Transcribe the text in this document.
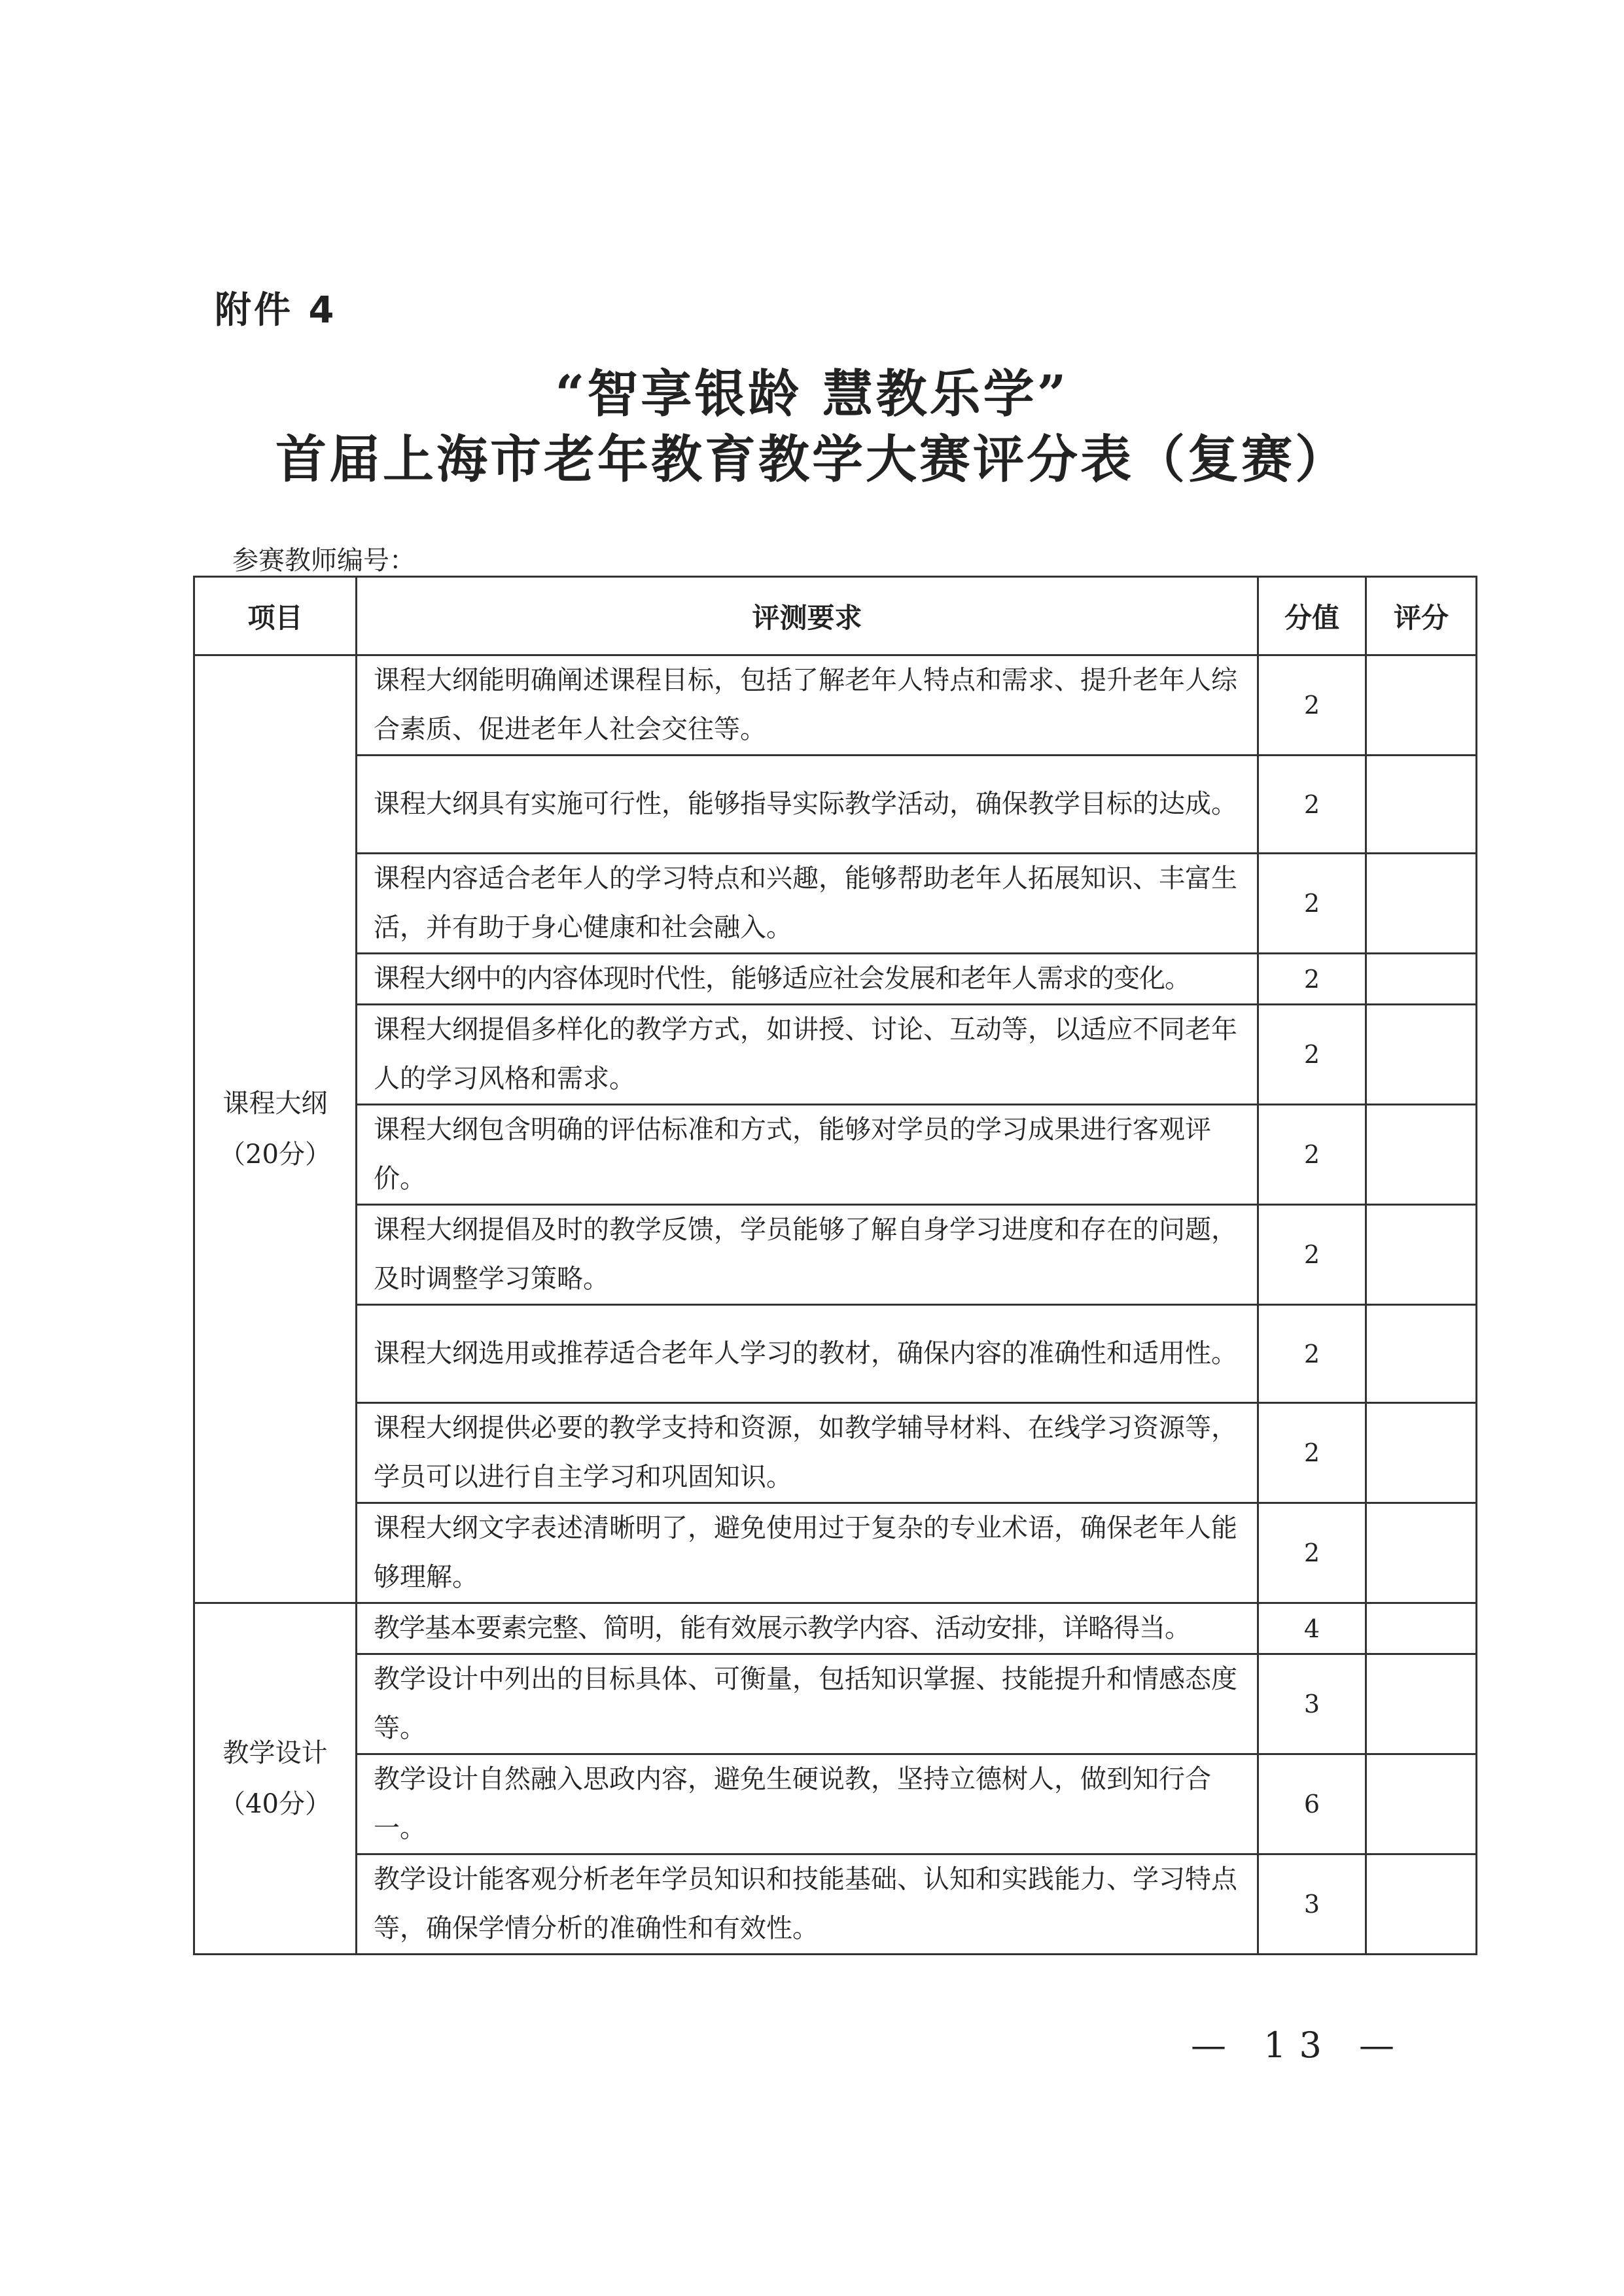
附件 4
“智享银龄 慧教乐学”
首届上海市老年教育教学大赛评分表（复赛）
参赛教师编号：
项目	评测要求	分值	评分

课程大纲
（20分）	课程大纲能明确阐述课程目标，包括了解老年人特点和需求、提升老年人综合素质、促进老年人社会交往等。	2	
	课程大纲具有实施可行性，能够指导实际教学活动，确保教学目标的达成。	2	
	课程内容适合老年人的学习特点和兴趣，能够帮助老年人拓展知识、丰富生活，并有助于身心健康和社会融入。	2	
	课程大纲中的内容体现时代性，能够适应社会发展和老年人需求的变化。	2	
	课程大纲提倡多样化的教学方式，如讲授、讨论、互动等，以适应不同老年人的学习风格和需求。	2	
	课程大纲包含明确的评估标准和方式，能够对学员的学习成果进行客观评价。	2	
	课程大纲提倡及时的教学反馈，学员能够了解自身学习进度和存在的问题，及时调整学习策略。	2	
	课程大纲选用或推荐适合老年人学习的教材，确保内容的准确性和适用性。	2	
	课程大纲提供必要的教学支持和资源，如教学辅导材料、在线学习资源等，学员可以进行自主学习和巩固知识。	2	
	课程大纲文字表述清晰明了，避免使用过于复杂的专业术语，确保老年人能够理解。	2	

教学设计
（40分）	教学基本要素完整、简明，能有效展示教学内容、活动安排，详略得当。	4	
	教学设计中列出的目标具体、可衡量，包括知识掌握、技能提升和情感态度等。	3	
	教学设计自然融入思政内容，避免生硬说教，坚持立德树人，做到知行合一。	6	
	教学设计能客观分析老年学员知识和技能基础、认知和实践能力、学习特点等，确保学情分析的准确性和有效性。	3	
— 13 —
